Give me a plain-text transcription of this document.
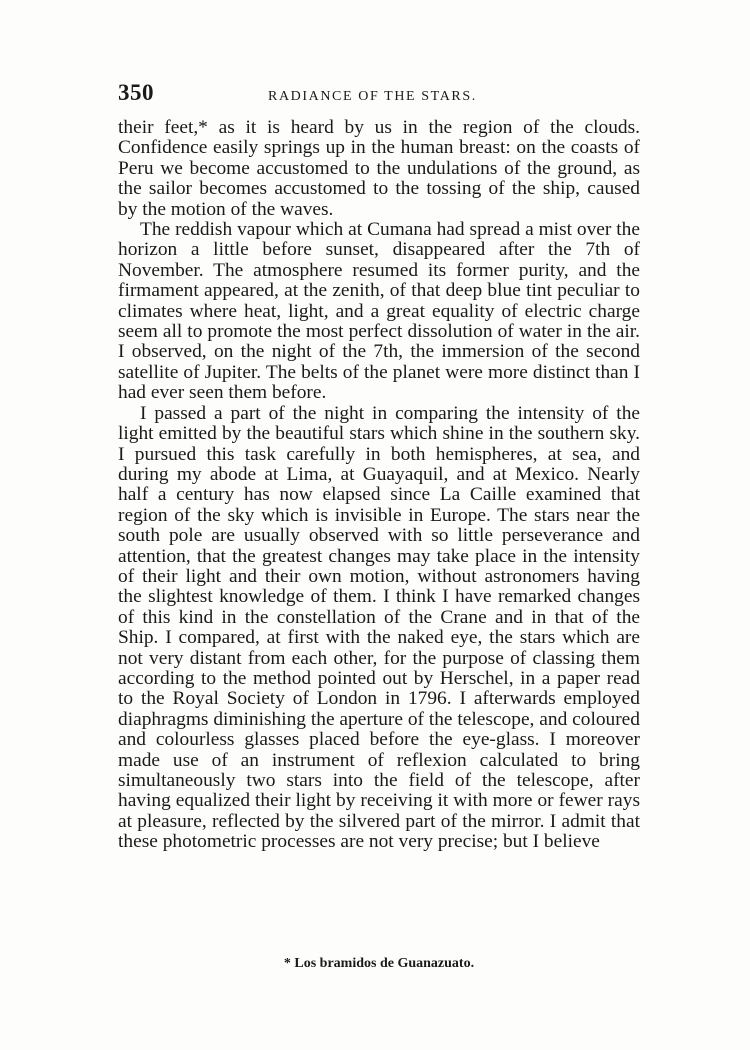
350	RADIANCE OF THE STARS.

their feet,* as it is heard by us in the region of the clouds. Confidence easily springs up in the human breast: on the coasts of Peru we become accustomed to the undulations of the ground, as the sailor becomes accustomed to the tossing of the ship, caused by the motion of the waves.

The reddish vapour which at Cumana had spread a mist over the horizon a little before sunset, disappeared after the 7th of November. The atmosphere resumed its former purity, and the firmament appeared, at the zenith, of that deep blue tint peculiar to climates where heat, light, and a great equality of electric charge seem all to promote the most perfect dissolution of water in the air. I observed, on the night of the 7th, the immersion of the second satellite of Jupiter. The belts of the planet were more distinct than I had ever seen them before.

I passed a part of the night in comparing the intensity of the light emitted by the beautiful stars which shine in the southern sky. I pursued this task carefully in both hemispheres, at sea, and during my abode at Lima, at Guayaquil, and at Mexico. Nearly half a century has now elapsed since La Caille examined that region of the sky which is invisible in Europe. The stars near the south pole are usually observed with so little perseverance and attention, that the greatest changes may take place in the intensity of their light and their own motion, without astronomers having the slightest knowledge of them. I think I have remarked changes of this kind in the constellation of the Crane and in that of the Ship. I compared, at first with the naked eye, the stars which are not very distant from each other, for the purpose of classing them according to the method pointed out by Herschel, in a paper read to the Royal Society of London in 1796. I afterwards employed diaphragms diminishing the aperture of the telescope, and coloured and colourless glasses placed before the eye-glass. I moreover made use of an instrument of reflexion calculated to bring simultaneously two stars into the field of the telescope, after having equalized their light by receiving it with more or fewer rays at pleasure, reflected by the silvered part of the mirror. I admit that these photometric processes are not very precise; but I believe

* Los bramidos de Guanazuato.
